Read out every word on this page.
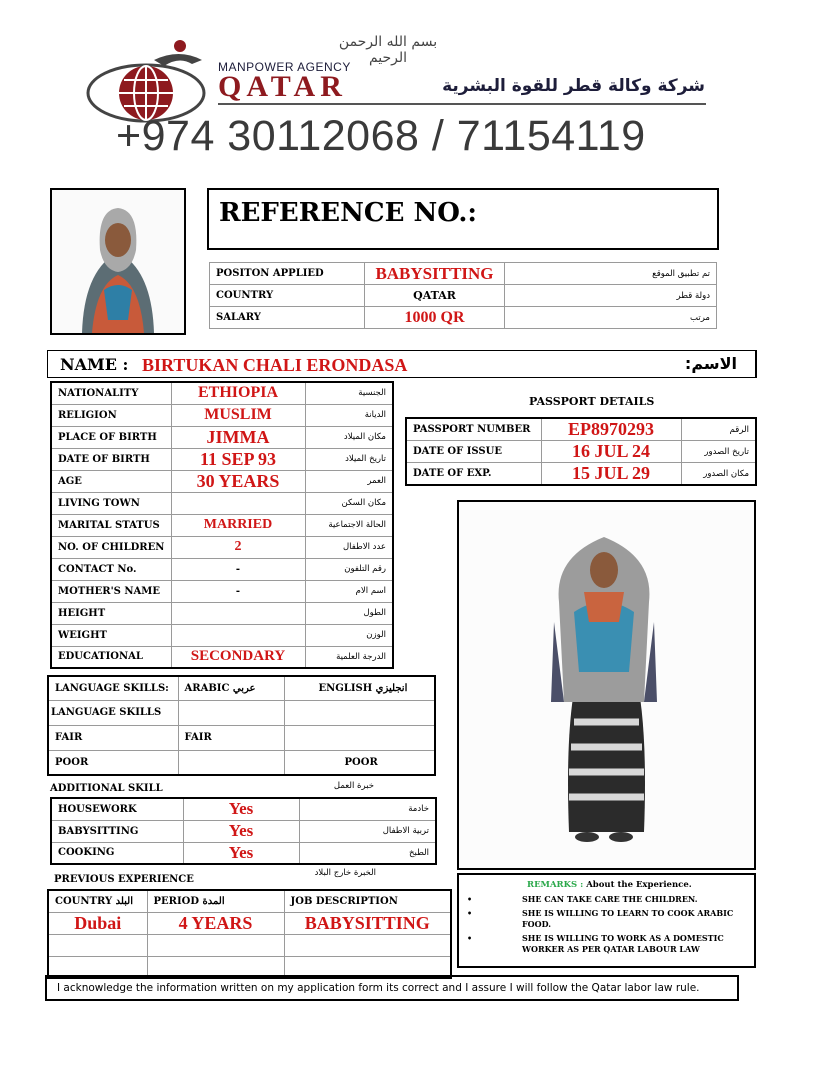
بسم الله الرحمن الرحيم
MANPOWER AGENCY
QATAR	شركة وكالة قطر للقوة البشرية
+974 30112068 / 71154119
REFERENCE NO.:
POSITON APPLIED	BABYSITTING	تم تطبيق الموقع
COUNTRY	QATAR	دولة قطر
SALARY	1000 QR	مرتب
NAME : BIRTUKAN CHALI ERONDASA	الاسم:
NATIONALITY	ETHIOPIA	الجنسية
RELIGION	MUSLIM	الديانة
PLACE OF BIRTH	JIMMA	مكان الميلاد
DATE OF BIRTH	11 SEP 93	تاريخ الميلاد
AGE	30 YEARS	العمر
LIVING TOWN		مكان السكن
MARITAL STATUS	MARRIED	الحالة الاجتماعية
NO. OF CHILDREN	2	عدد الاطفال
CONTACT No.	-	رقم التلفون
MOTHER'S NAME	-	اسم الام
HEIGHT		الطول
WEIGHT		الوزن
EDUCATIONAL	SECONDARY	الدرجة العلمية
PASSPORT DETAILS
PASSPORT NUMBER	EP8970293	الرقم
DATE OF ISSUE	16 JUL 24	تاريخ الصدور
DATE OF EXP.	15 JUL 29	مكان الصدور
LANGUAGE SKILLS:	ARABIC عربي	ENGLISH انجليزي
LANGUAGE SKILLS		
FAIR	FAIR	
POOR		POOR
ADDITIONAL SKILL	خبرة العمل
HOUSEWORK	Yes	خادمة
BABYSITTING	Yes	تربية الاطفال
COOKING	Yes	الطبخ
PREVIOUS EXPERIENCE
الخبرة خارج البلاد
COUNTRY البلد	PERIOD المدة	JOB DESCRIPTION
Dubai	4 YEARS	BABYSITTING

REMARKS : About the Experience.
•	SHE CAN TAKE CARE THE CHILDREN.
•	SHE IS WILLING TO LEARN TO COOK ARABIC FOOD.
•	SHE IS WILLING TO WORK AS A DOMESTIC WORKER AS PER QATAR LABOUR LAW
I acknowledge the information written on my application form its correct and I assure I will follow the Qatar labor law rule.
